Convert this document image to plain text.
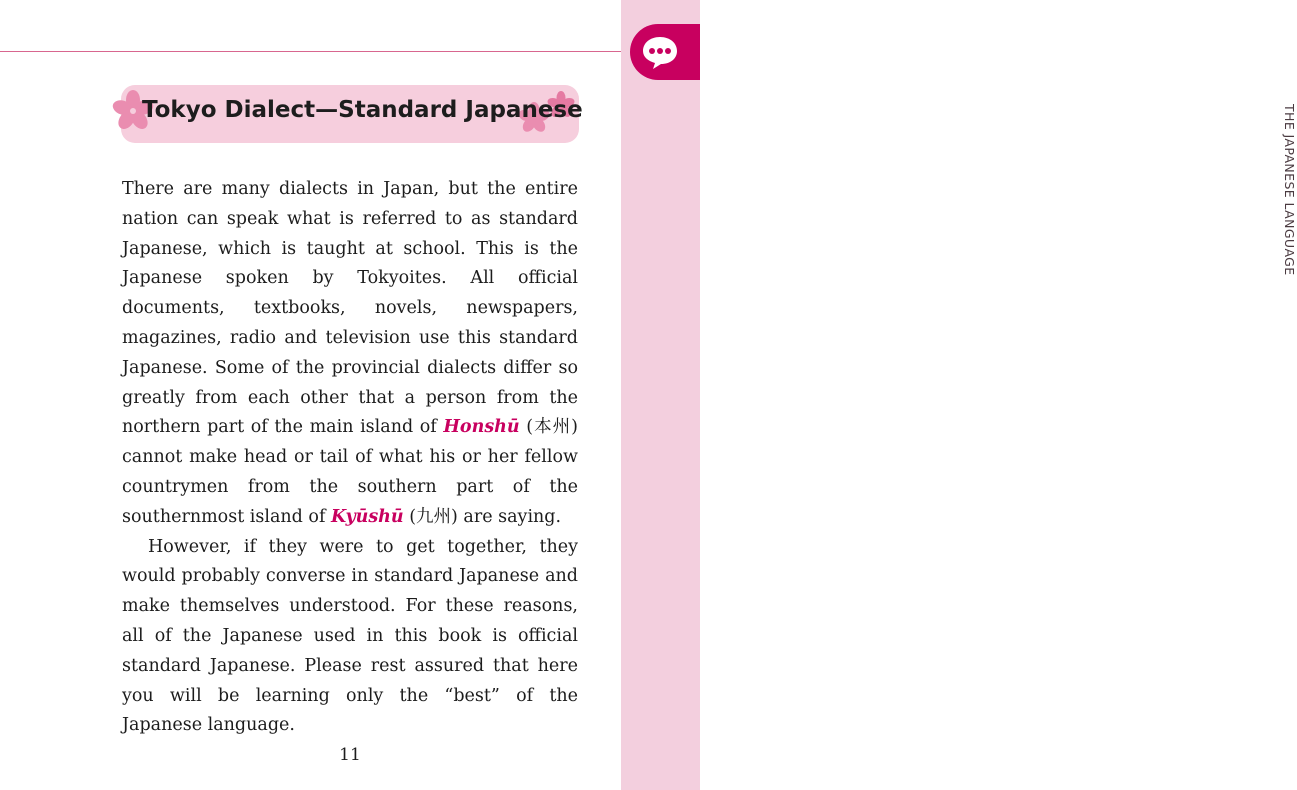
THE JAPANESE LANGUAGE
Tokyo Dialect—Standard Japanese

There are many dialects in Japan, but the entire nation can speak what is referred to as standard Japanese, which is taught at school. This is the Japanese spoken by Tokyoites. All official documents, textbooks, novels, newspapers, magazines, radio and television use this standard Japanese. Some of the provincial dialects differ so greatly from each other that a person from the northern part of the main island of Honshū (本州) cannot make head or tail of what his or her fellow countrymen from the southern part of the southernmost island of Kyūshū (九州) are saying.

However, if they were to get together, they would probably converse in standard Japanese and make themselves understood. For these reasons, all of the Japanese used in this book is official standard Japanese. Please rest assured that here you will be learning only the “best” of the Japanese language.

11
